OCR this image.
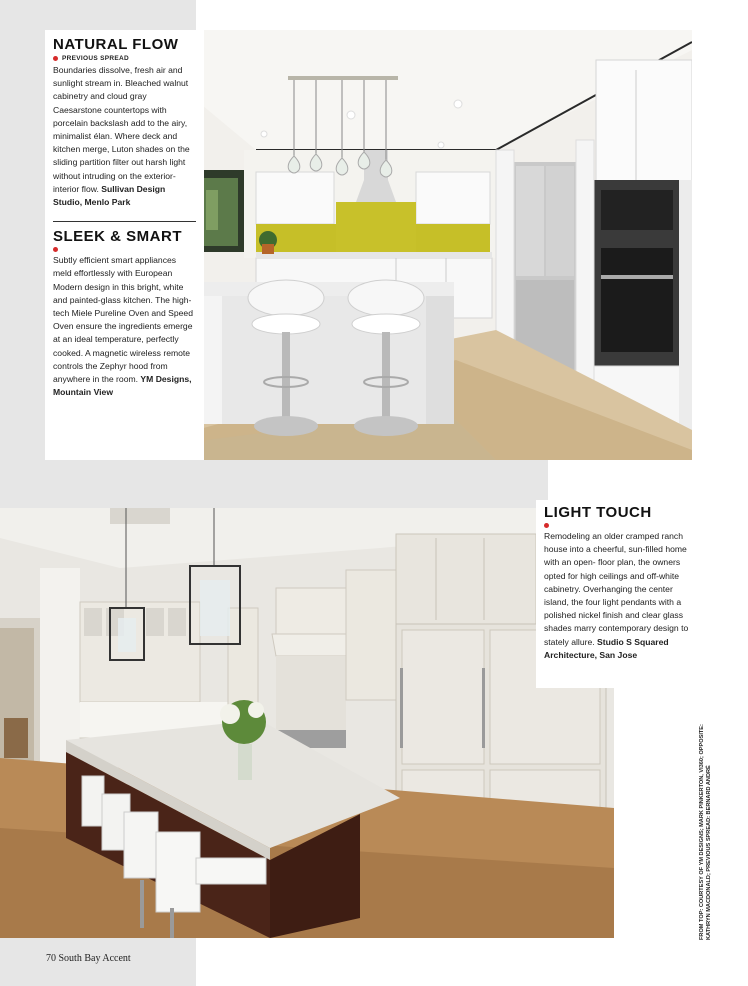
NATURAL FLOW
PREVIOUS SPREAD

Boundaries dissolve, fresh air and sunlight stream in. Bleached walnut cabinetry and cloud gray Caesarstone countertops with porcelain backslash add to the airy, minimalist élan. Where deck and kitchen merge, Luton shades on the sliding partition filter out harsh light without intruding on the exterior-interior flow. Sullivan Design Studio, Menlo Park

SLEEK & SMART

Subtly efficient smart appliances meld effortlessly with European Modern design in this bright, white and painted-glass kitchen. The high-tech Miele Pureline Oven and Speed Oven ensure the ingredients emerge at an ideal temperature, perfectly cooked. A magnetic wireless remote controls the Zephyr hood from anywhere in the room. YM Designs, Mountain View

LIGHT TOUCH

Remodeling an older cramped ranch house into a cheerful, sun-filled home with an open- floor plan, the owners opted for high ceilings and off-white cabinetry. Overhanging the center island, the four light pendants with a polished nickel finish and clear glass shades marry contemporary design to stately allure. Studio S Squared Architecture, San Jose

70 South Bay Accent
FROM TOP: COURTESY OF YM DESIGNS; MARK PINKERTON, VI360; OPPOSITE: KATHRYN MACDONALD; PREVIOUS SPREAD: BERNARD ANDRÉ
